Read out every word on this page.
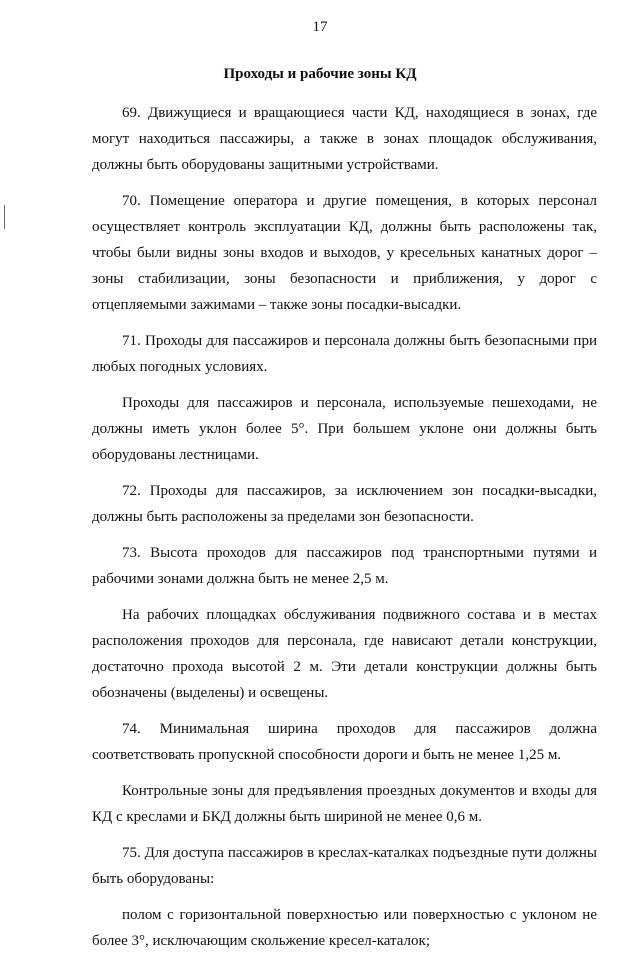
17
Проходы и рабочие зоны КД

69. Движущиеся и вращающиеся части КД, находящиеся в зонах, где могут находиться пассажиры, а также в зонах площадок обслуживания, должны быть оборудованы защитными устройствами.

70. Помещение оператора и другие помещения, в которых персонал осуществляет контроль эксплуатации КД, должны быть расположены так, чтобы были видны зоны входов и выходов, у кресельных канатных дорог – зоны стабилизации, зоны безопасности и приближения, у дорог с отцепляемыми зажимами – также зоны посадки-высадки.

71. Проходы для пассажиров и персонала должны быть безопасными при любых погодных условиях.

Проходы для пассажиров и персонала, используемые пешеходами, не должны иметь уклон более 5°. При большем уклоне они должны быть оборудованы лестницами.

72. Проходы для пассажиров, за исключением зон посадки-высадки, должны быть расположены за пределами зон безопасности.

73. Высота проходов для пассажиров под транспортными путями и рабочими зонами должна быть не менее 2,5 м.

На рабочих площадках обслуживания подвижного состава и в местах расположения проходов для персонала, где нависают детали конструкции, достаточно прохода высотой 2 м. Эти детали конструкции должны быть обозначены (выделены) и освещены.

74. Минимальная ширина проходов для пассажиров должна соответствовать пропускной способности дороги и быть не менее 1,25 м.

Контрольные зоны для предъявления проездных документов и входы для КД с креслами и БКД должны быть шириной не менее 0,6 м.

75. Для доступа пассажиров в креслах-каталках подъездные пути должны быть оборудованы:

полом с горизонтальной поверхностью или поверхностью с уклоном не более 3°, исключающим скольжение кресел-каталок;
